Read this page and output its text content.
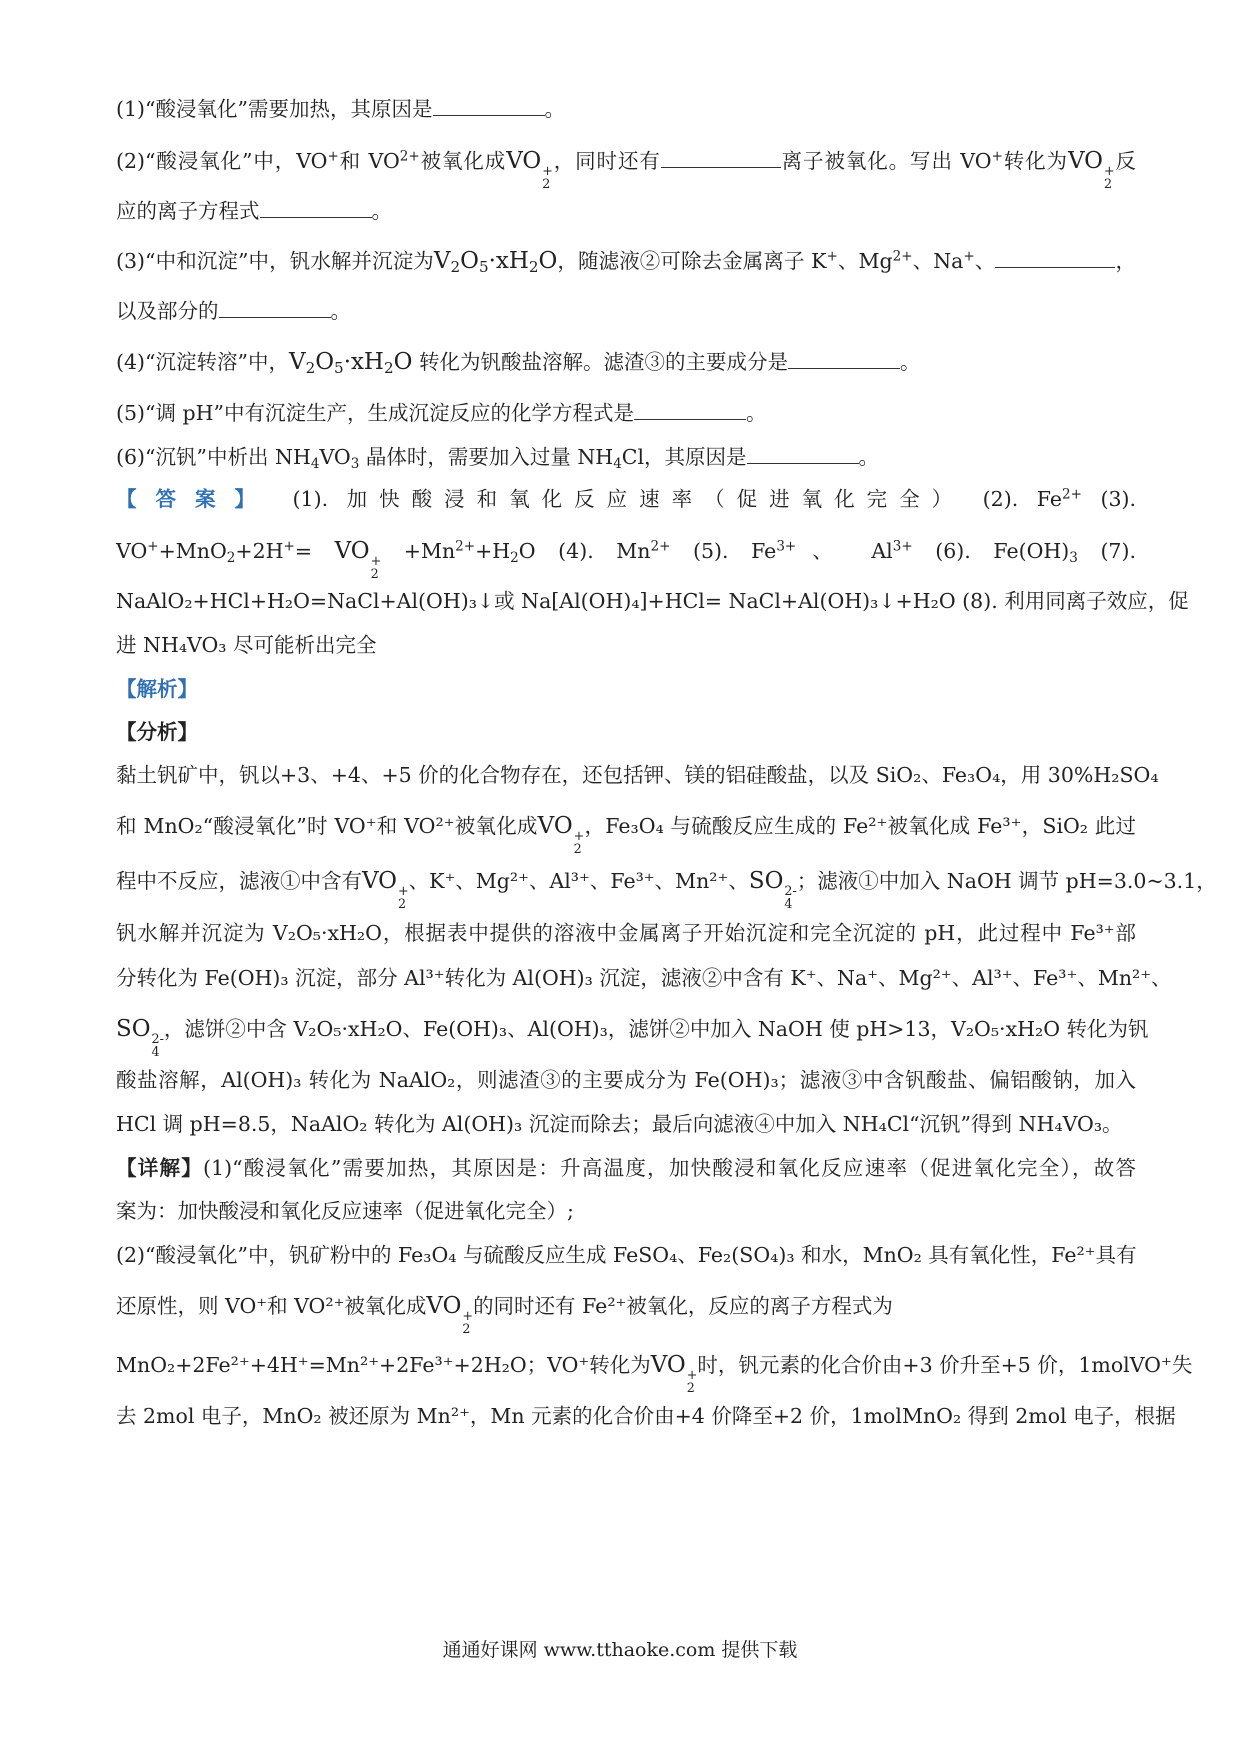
(1)“酸浸氧化”需要加热，其原因是	。
(2)“酸浸氧化”中，VO+和 $VO^{2+}$被氧化成VO +
2
，同时还有	离子被氧化。写出 VO+转化为VO +
2
反
应的离子方程式	。
(3)“中和沉淀”中，钒水解并沉淀为$V_2O_5\cdot xH_2O$，随滤液②可除去金属离子 K+、$Mg^{2+}$、Na+、	，
以及部分的	。
(4)“沉淀转溶”中，$V_2O_5\cdot xH_2O$ 转化为钒酸盐溶解。滤渣③的主要成分是	。
(5)“调 pH”中有沉淀生产，生成沉淀反应的化学方程式是	。
(6)“沉钒”中析出 $NH_4VO_3$ 晶体时，需要加入过量 $NH_4Cl$，其原因是	。
【答案】 (1). 加快酸浸和氧化反应速率（促进氧化完全） (2). $Fe^{2+}$ (3).
VO++MnO$_2$+2H+= VO +
2
$+Mn^{2+}+H_2O$ (4). $Mn^{2+}$ (5). $Fe^{3+}$、 $Al^{3+}$ (6). $Fe(OH)_3$ (7).
NaAlO₂+HCl+H₂O=NaCl+Al(OH)₃↓或 Na[Al(OH)₄]+HCl= NaCl+Al(OH)₃↓+H₂O (8). 利用同离子效应，促
进 NH₄VO₃ 尽可能析出完全
【解析】
【分析】
黏土钒矿中，钒以+3、+4、+5 价的化合物存在，还包括钾、镁的铝硅酸盐，以及 SiO₂、Fe₃O₄，用 30%H₂SO₄
和 MnO₂“酸浸氧化”时 VO⁺和 VO²⁺被氧化成VO +
2
，Fe₃O₄ 与硫酸反应生成的 Fe²⁺被氧化成 Fe³⁺，SiO₂ 此过
程中不反应，滤液①中含有VO +
2
、K⁺、Mg²⁺、Al³⁺、Fe³⁺、Mn²⁺、SO 2-
4
；滤液①中加入 NaOH 调节 pH=3.0~3.1，
钒水解并沉淀为 V₂O₅·xH₂O，根据表中提供的溶液中金属离子开始沉淀和完全沉淀的 pH，此过程中 Fe³⁺部
分转化为 Fe(OH)₃ 沉淀，部分 Al³⁺转化为 Al(OH)₃ 沉淀，滤液②中含有 K⁺、Na⁺、Mg²⁺、Al³⁺、Fe³⁺、Mn²⁺、
SO 2-
4
，滤饼②中含 V₂O₅·xH₂O、Fe(OH)₃、Al(OH)₃，滤饼②中加入 NaOH 使 pH>13，V₂O₅·xH₂O 转化为钒
酸盐溶解，Al(OH)₃ 转化为 NaAlO₂，则滤渣③的主要成分为 Fe(OH)₃；滤液③中含钒酸盐、偏铝酸钠，加入
HCl 调 pH=8.5，NaAlO₂ 转化为 Al(OH)₃ 沉淀而除去；最后向滤液④中加入 NH₄Cl“沉钒”得到 NH₄VO₃。
【详解】(1)“酸浸氧化”需要加热，其原因是：升高温度，加快酸浸和氧化反应速率（促进氧化完全），故答
案为：加快酸浸和氧化反应速率（促进氧化完全）;
(2)“酸浸氧化”中，钒矿粉中的 Fe₃O₄ 与硫酸反应生成 FeSO₄、Fe₂(SO₄)₃ 和水，MnO₂ 具有氧化性，Fe²⁺具有
还原性，则 VO⁺和 VO²⁺被氧化成VO +
2
的同时还有 Fe²⁺被氧化，反应的离子方程式为
MnO₂+2Fe²⁺+4H⁺=Mn²⁺+2Fe³⁺+2H₂O；VO⁺转化为VO +
2
时，钒元素的化合价由+3 价升至+5 价，1molVO⁺失
去 2mol 电子，MnO₂ 被还原为 Mn²⁺，Mn 元素的化合价由+4 价降至+2 价，1molMnO₂ 得到 2mol 电子，根据
通通好课网 www.tthaoke.com 提供下载
